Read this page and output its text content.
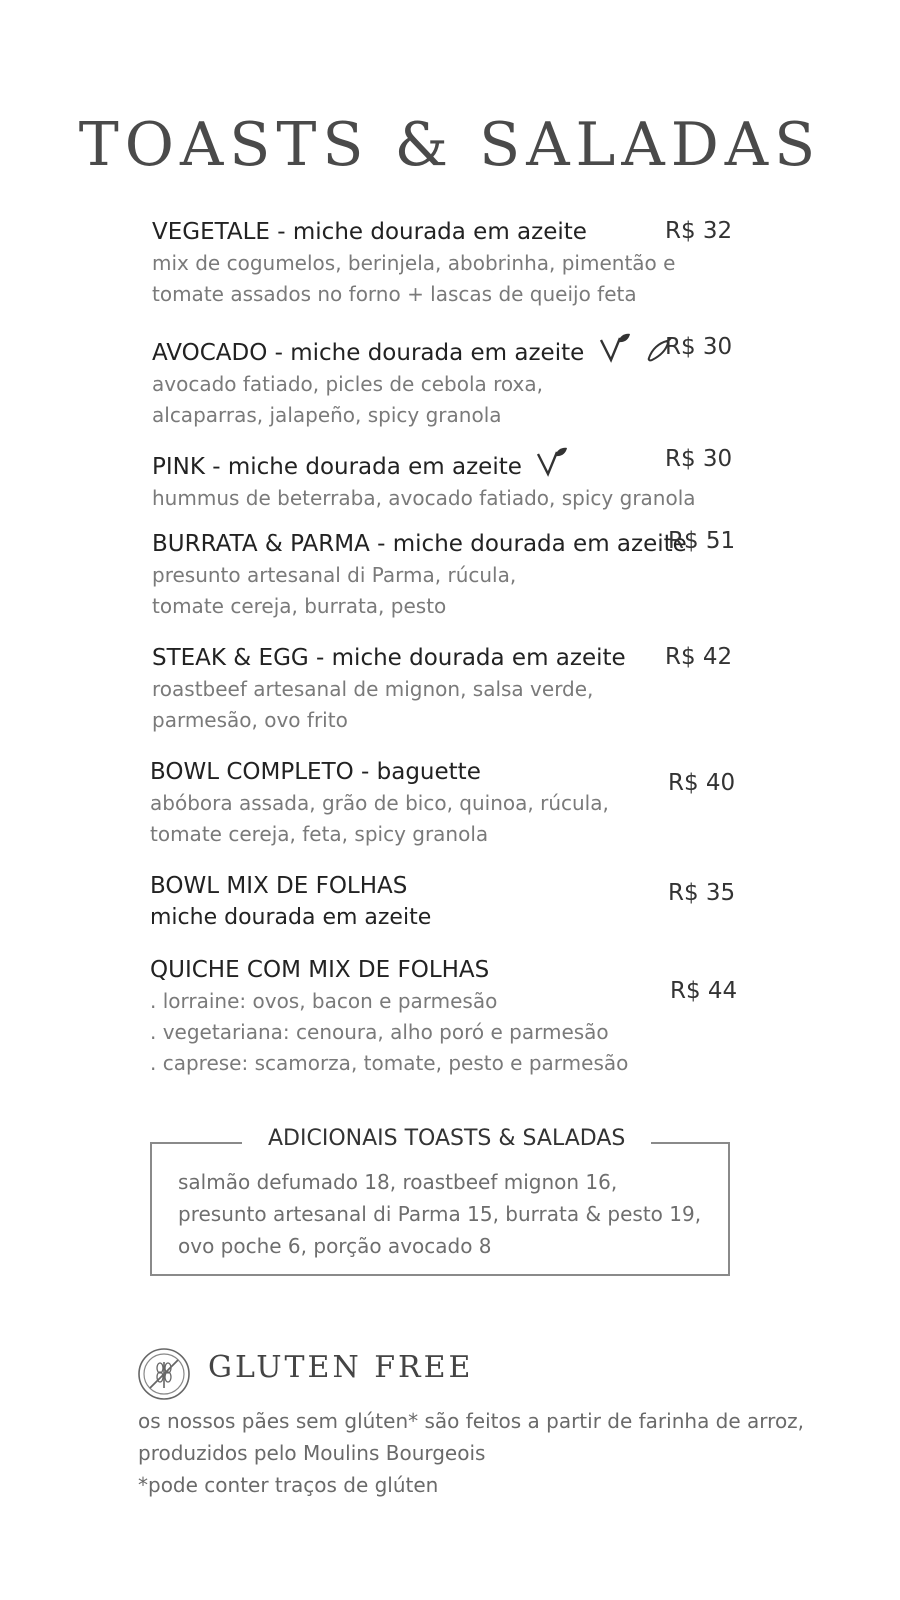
TOASTS & SALADAS
VEGETALE - miche dourada em azeite
mix de cogumelos, berinjela, abobrinha, pimentão e
tomate assados no forno + lascas de queijo feta
R$ 32
AVOCADO - miche dourada em azeite
avocado fatiado, picles de cebola roxa,
alcaparras, jalapeño, spicy granola
R$ 30
PINK - miche dourada em azeite
hummus de beterraba, avocado fatiado, spicy granola
R$ 30
BURRATA & PARMA - miche dourada em azeite
presunto artesanal di Parma, rúcula,
tomate cereja, burrata, pesto
R$ 51
STEAK & EGG - miche dourada em azeite
roastbeef artesanal de mignon, salsa verde,
parmesão, ovo frito
R$ 42
BOWL COMPLETO - baguette
abóbora assada, grão de bico, quinoa, rúcula,
tomate cereja, feta, spicy granola
R$ 40
BOWL MIX DE FOLHAS
miche dourada em azeite
R$ 35
QUICHE COM MIX DE FOLHAS
. lorraine: ovos, bacon e parmesão
. vegetariana: cenoura, alho poró e parmesão
. caprese: scamorza, tomate, pesto e parmesão
R$ 44
ADICIONAIS TOASTS & SALADAS
salmão defumado 18, roastbeef mignon 16,
presunto artesanal di Parma 15, burrata & pesto 19,
ovo poche 6, porção avocado 8
GLUTEN FREE
os nossos pães sem glúten* são feitos a partir de farinha de arroz,
produzidos pelo Moulins Bourgeois
*pode conter traços de glúten
